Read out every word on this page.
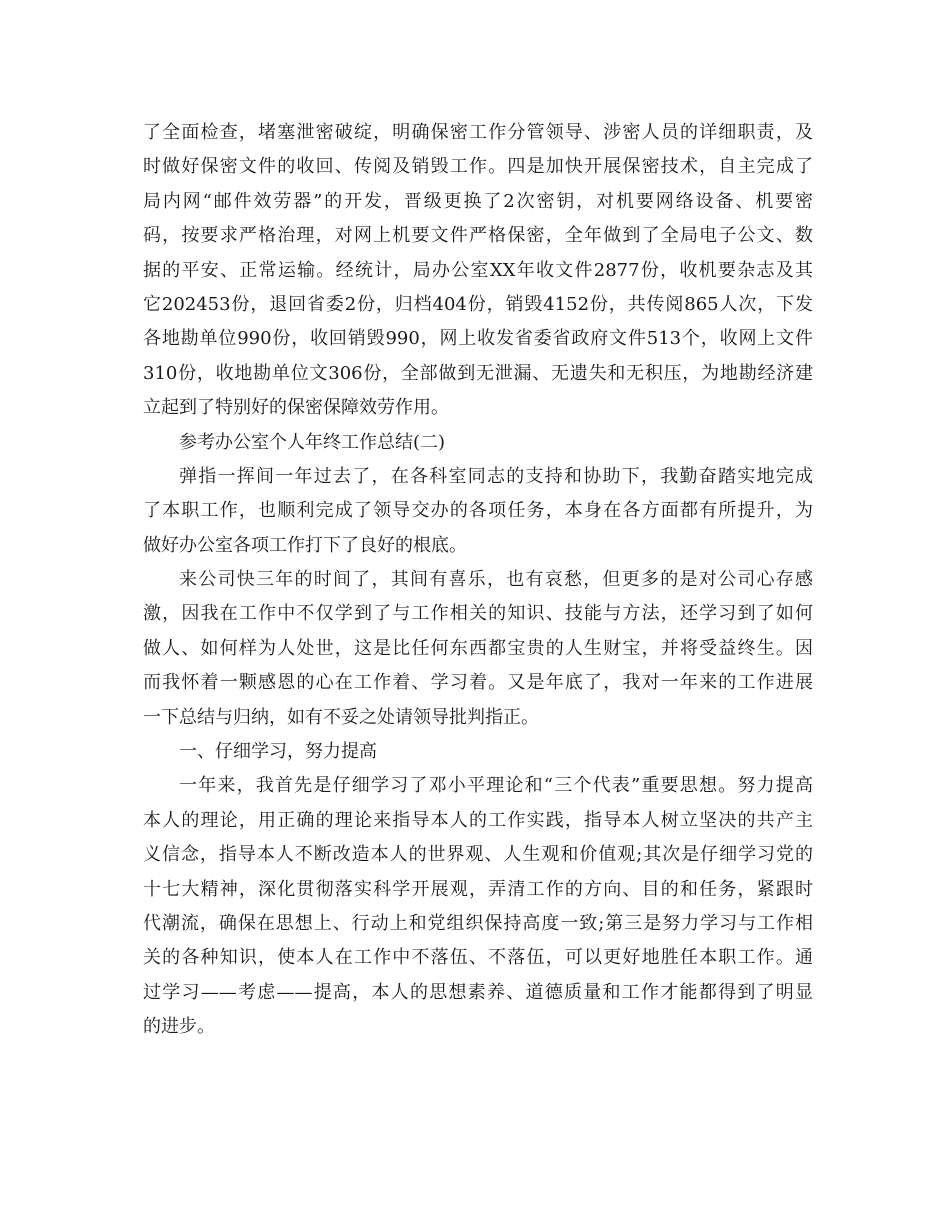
了全面检查，堵塞泄密破绽，明确保密工作分管领导、涉密人员的详细职责，及
时做好保密文件的收回、传阅及销毁工作。四是加快开展保密技术，自主完成了
局内网“邮件效劳器”的开发，晋级更换了2次密钥，对机要网络设备、机要密
码，按要求严格治理，对网上机要文件严格保密，全年做到了全局电子公文、数
据的平安、正常运输。经统计，局办公室XX年收文件2877份，收机要杂志及其
它202453份，退回省委2份，归档404份，销毁4152份，共传阅865人次，下发
各地勘单位990份，收回销毁990，网上收发省委省政府文件513个，收网上文件
310份，收地勘单位文306份，全部做到无泄漏、无遗失和无积压，为地勘经济建
立起到了特别好的保密保障效劳作用。
参考办公室个人年终工作总结(二)
弹指一挥间一年过去了，在各科室同志的支持和协助下，我勤奋踏实地完成
了本职工作，也顺利完成了领导交办的各项任务，本身在各方面都有所提升，为
做好办公室各项工作打下了良好的根底。
来公司快三年的时间了，其间有喜乐，也有哀愁，但更多的是对公司心存感
激，因我在工作中不仅学到了与工作相关的知识、技能与方法，还学习到了如何
做人、如何样为人处世，这是比任何东西都宝贵的人生财宝，并将受益终生。因
而我怀着一颗感恩的心在工作着、学习着。又是年底了，我对一年来的工作进展
一下总结与归纳，如有不妥之处请领导批判指正。
一、仔细学习，努力提高
一年来，我首先是仔细学习了邓小平理论和“三个代表”重要思想。努力提高
本人的理论，用正确的理论来指导本人的工作实践，指导本人树立坚决的共产主
义信念，指导本人不断改造本人的世界观、人生观和价值观;其次是仔细学习党的
十七大精神，深化贯彻落实科学开展观，弄清工作的方向、目的和任务，紧跟时
代潮流，确保在思想上、行动上和党组织保持高度一致;第三是努力学习与工作相
关的各种知识，使本人在工作中不落伍、不落伍，可以更好地胜任本职工作。通
过学习——考虑——提高，本人的思想素养、道德质量和工作才能都得到了明显
的进步。
